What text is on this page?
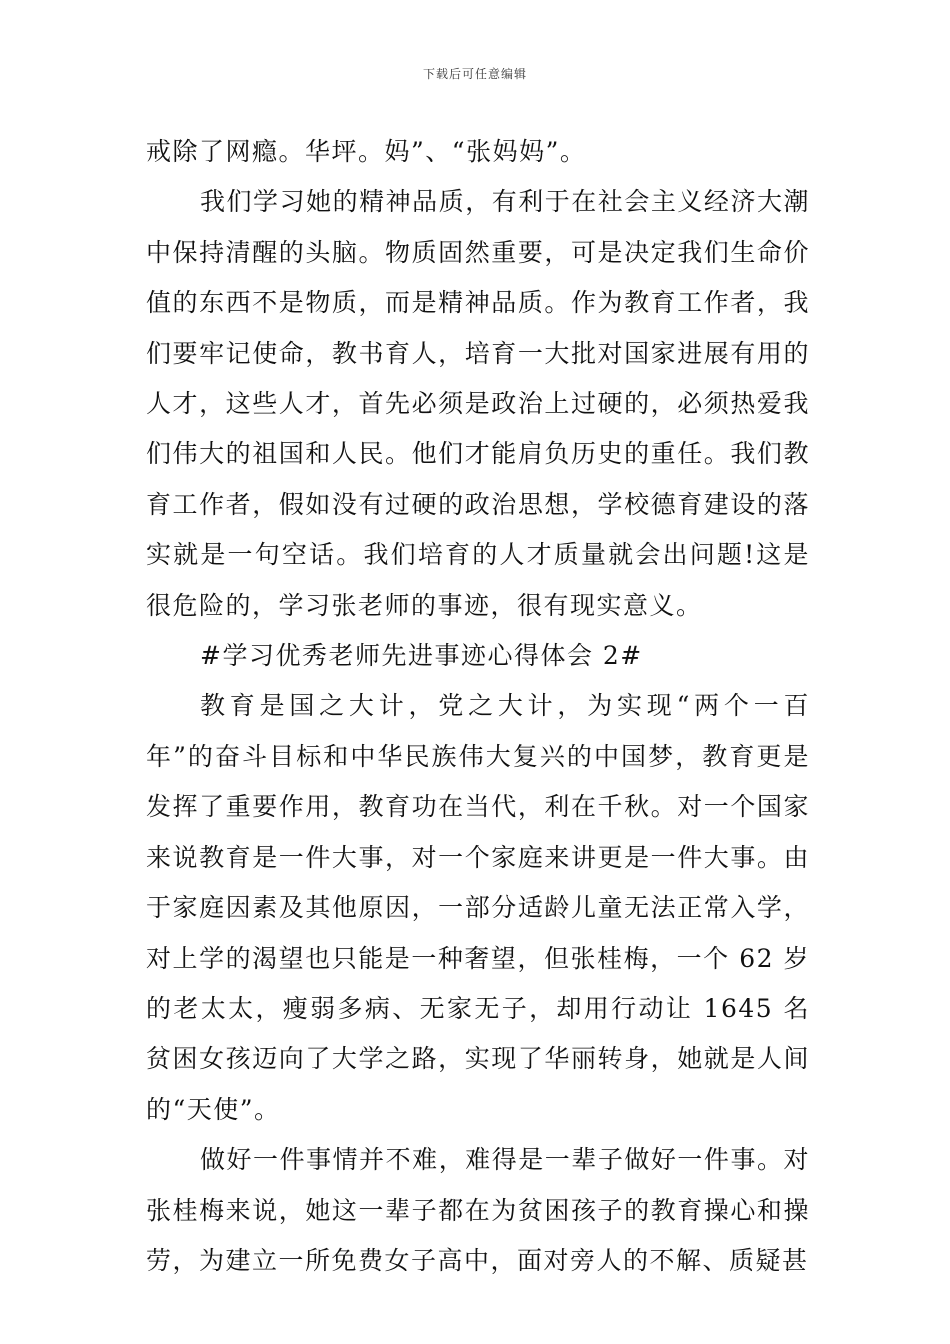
下载后可任意编辑

戒除了网瘾。华坪。妈”、“张妈妈”。

我们学习她的精神品质，有利于在社会主义经济大潮中保持清醒的头脑。物质固然重要，可是决定我们生命价值的东西不是物质，而是精神品质。作为教育工作者，我们要牢记使命，教书育人，培育一大批对国家进展有用的人才，这些人才，首先必须是政治上过硬的，必须热爱我们伟大的祖国和人民。他们才能肩负历史的重任。我们教育工作者，假如没有过硬的政治思想，学校德育建设的落实就是一句空话。我们培育的人才质量就会出问题!这是很危险的，学习张老师的事迹，很有现实意义。

#学习优秀老师先进事迹心得体会 2#

教育是国之大计，党之大计，为实现“两个一百年”的奋斗目标和中华民族伟大复兴的中国梦，教育更是发挥了重要作用，教育功在当代，利在千秋。对一个国家来说教育是一件大事，对一个家庭来讲更是一件大事。由于家庭因素及其他原因，一部分适龄儿童无法正常入学，对上学的渴望也只能是一种奢望，但张桂梅，一个 62 岁的老太太，瘦弱多病、无家无子，却用行动让 1645 名贫困女孩迈向了大学之路，实现了华丽转身，她就是人间的“天使”。

做好一件事情并不难，难得是一辈子做好一件事。对张桂梅来说，她这一辈子都在为贫困孩子的教育操心和操劳，为建立一所免费女子高中，面对旁人的不解、质疑甚
